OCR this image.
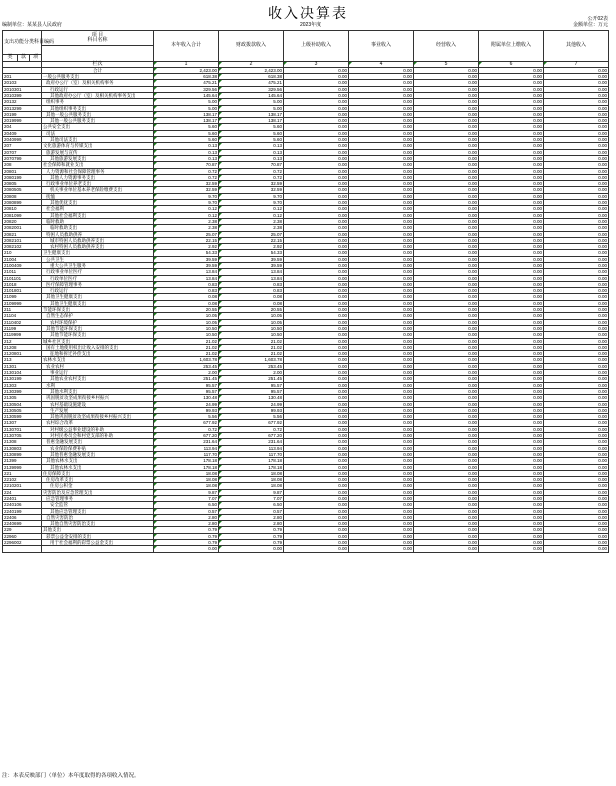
收入决算表
编制单位：某某县人民政府	2023年度
公开02表
金额单位：万元
支出功能分类科目编码			项 目
科目名称	本年收入合计	财政拨款收入	上级补助收入	事业收入	经营收入	附属单位上缴收入	其他收入

类	款	项								
			栏次	1	2	3	4	5	6	7
			合计	2,423.00	2,423.00	0.00	0.00	0.00	0.00	0.00
201			一般公共服务支出	618.38	618.38	0.00	0.00	0.00	0.00	0.00
20103			政府办公厅（室）及相关机构事务	475.21	475.21	0.00	0.00	0.00	0.00	0.00
2010301			行政运行	329.56	329.56	0.00	0.00	0.00	0.00	0.00
2010399			其他政府办公厅（室）及相关机构事务支出	145.64	145.64	0.00	0.00	0.00	0.00	0.00
20132			组织事务	5.00	5.00	0.00	0.00	0.00	0.00	0.00
2013299			其他组织事务支出	5.00	5.00	0.00	0.00	0.00	0.00	0.00
20199			其他一般公共服务支出	138.17	138.17	0.00	0.00	0.00	0.00	0.00
2019999			其他一般公共服务支出	138.17	138.17	0.00	0.00	0.00	0.00	0.00
204			公共安全支出	5.60	5.60	0.00	0.00	0.00	0.00	0.00
20409			司法	5.60	5.60	0.00	0.00	0.00	0.00	0.00
2040999			其他司法支出	5.60	5.60	0.00	0.00	0.00	0.00	0.00
207			文化旅游体育与传媒支出	0.13	0.13	0.00	0.00	0.00	0.00	0.00
20707			旅游发展与宣传	0.13	0.13	0.00	0.00	0.00	0.00	0.00
2070799			其他旅游发展支出	0.13	0.13	0.00	0.00	0.00	0.00	0.00
208			社会保障和就业支出	70.87	70.87	0.00	0.00	0.00	0.00	0.00
20801			人力资源和社会保障管理事务	0.72	0.72	0.00	0.00	0.00	0.00	0.00
2080199			其他人力资源事务支出	0.72	0.72	0.00	0.00	0.00	0.00	0.00
20805			行政事业单位养老支出	32.59	32.59	0.00	0.00	0.00	0.00	0.00
2080505			机关事业单位基本养老保险缴费支出	32.59	32.59	0.00	0.00	0.00	0.00	0.00
20808			抚恤	9.70	9.70	0.00	0.00	0.00	0.00	0.00
2080899			其他优抚支出	9.70	9.70	0.00	0.00	0.00	0.00	0.00
20810			社会福利	0.12	0.12	0.00	0.00	0.00	0.00	0.00
2081099			其他社会福利支出	0.12	0.12	0.00	0.00	0.00	0.00	0.00
20820			临时救助	2.38	2.38	0.00	0.00	0.00	0.00	0.00
2082001			临时救助支出	2.38	2.38	0.00	0.00	0.00	0.00	0.00
20821			特困人员救助供养	25.07	25.07	0.00	0.00	0.00	0.00	0.00
2082101			城市特困人员救助供养支出	22.15	22.15	0.00	0.00	0.00	0.00	0.00
2082102			农村特困人员救助供养支出	2.92	2.92	0.00	0.00	0.00	0.00	0.00
210			卫生健康支出	54.33	54.33	0.00	0.00	0.00	0.00	0.00
21004			公共卫生	39.59	39.59	0.00	0.00	0.00	0.00	0.00
2100409			重大公共卫生服务	39.59	39.59	0.00	0.00	0.00	0.00	0.00
21011			行政事业单位医疗	13.84	13.84	0.00	0.00	0.00	0.00	0.00
2101101			行政单位医疗	13.84	13.84	0.00	0.00	0.00	0.00	0.00
21018			医疗保障管理事务	0.83	0.83	0.00	0.00	0.00	0.00	0.00
2101801			行政运行	0.83	0.83	0.00	0.00	0.00	0.00	0.00
21099			其他卫生健康支出	0.08	0.08	0.00	0.00	0.00	0.00	0.00
2109999			其他卫生健康支出	0.08	0.08	0.00	0.00	0.00	0.00	0.00
211			节能环保支出	20.55	20.55	0.00	0.00	0.00	0.00	0.00
21104			自然生态保护	10.05	10.05	0.00	0.00	0.00	0.00	0.00
2110402			农村环境保护	10.05	10.05	0.00	0.00	0.00	0.00	0.00
21199			其他节能环保支出	10.50	10.50	0.00	0.00	0.00	0.00	0.00
2119999			其他节能环保支出	10.50	10.50	0.00	0.00	0.00	0.00	0.00
212			城乡社区支出	21.02	21.02	0.00	0.00	0.00	0.00	0.00
21208			国有土地使用权出让收入安排的支出	21.02	21.02	0.00	0.00	0.00	0.00	0.00
2120801			征地和拆迁补偿支出	21.02	21.02	0.00	0.00	0.00	0.00	0.00
213			农林水支出	1,603.78	1,603.78	0.00	0.00	0.00	0.00	0.00
21301			农业农村	253.45	253.45	0.00	0.00	0.00	0.00	0.00
2130104			事业运行	2.00	2.00	0.00	0.00	0.00	0.00	0.00
2130199			其他农业农村支出	251.45	251.45	0.00	0.00	0.00	0.00	0.00
21303			水利	95.57	95.57	0.00	0.00	0.00	0.00	0.00
2130399			其他水利支出	95.57	95.57	0.00	0.00	0.00	0.00	0.00
21305			巩固脱贫攻坚成果衔接乡村振兴	130.48	130.48	0.00	0.00	0.00	0.00	0.00
2130504			农村基础设施建设	24.99	24.99	0.00	0.00	0.00	0.00	0.00
2130505			生产发展	99.93	99.93	0.00	0.00	0.00	0.00	0.00
2130599			其他巩固脱贫攻坚成果衔接乡村振兴支出	5.56	5.56	0.00	0.00	0.00	0.00	0.00
21307			农村综合改革	677.92	677.92	0.00	0.00	0.00	0.00	0.00
2130701			对村级公益事业建设的补助	0.72	0.72	0.00	0.00	0.00	0.00	0.00
2130705			对村民委员会和村党支部的补助	677.20	677.20	0.00	0.00	0.00	0.00	0.00
21308			普惠金融发展支出	231.64	231.64	0.00	0.00	0.00	0.00	0.00
2130803			农业保险保费补贴	113.94	113.94	0.00	0.00	0.00	0.00	0.00
2130899			其他普惠金融发展支出	117.70	117.70	0.00	0.00	0.00	0.00	0.00
21399			其他农林水支出	178.18	178.18	0.00	0.00	0.00	0.00	0.00
2139999			其他农林水支出	178.18	178.18	0.00	0.00	0.00	0.00	0.00
221			住房保障支出	18.08	18.08	0.00	0.00	0.00	0.00	0.00
22102			住房改革支出	18.08	18.08	0.00	0.00	0.00	0.00	0.00
2210201			住房公积金	18.08	18.08	0.00	0.00	0.00	0.00	0.00
224			灾害防治及应急管理支出	9.87	9.87	0.00	0.00	0.00	0.00	0.00
22401			应急管理事务	7.07	7.07	0.00	0.00	0.00	0.00	0.00
2240106			安全监管	6.50	6.50	0.00	0.00	0.00	0.00	0.00
2240199			其他应急管理支出	0.57	0.57	0.00	0.00	0.00	0.00	0.00
22406			自然灾害防治	2.80	2.80	0.00	0.00	0.00	0.00	0.00
2240699			其他自然灾害防治支出	2.80	2.80	0.00	0.00	0.00	0.00	0.00
229			其他支出	0.79	0.79	0.00	0.00	0.00	0.00	0.00
22960			彩票公益金安排的支出	0.79	0.79	0.00	0.00	0.00	0.00	0.00
2296002			用于社会福利的彩票公益金支出	0.79	0.79	0.00	0.00	0.00	0.00	0.00
				0.00	0.00	0.00	0.00	0.00	0.00	0.00
注：本表反映部门（单位）本年度取得的各项收入情况。
